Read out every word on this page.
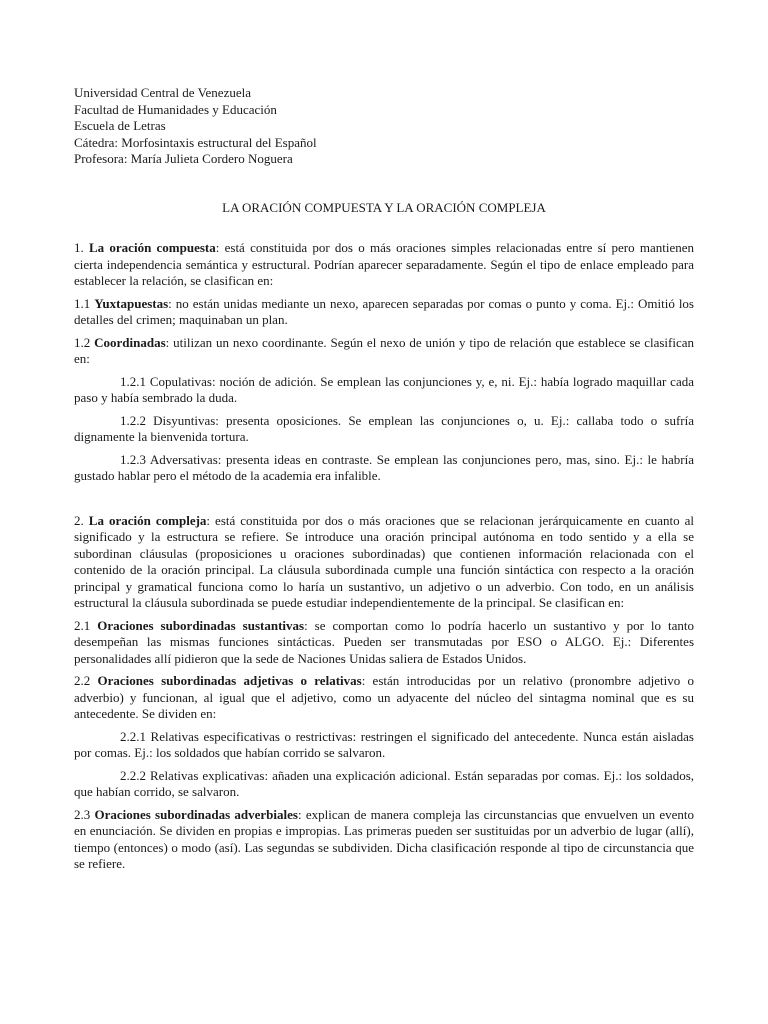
Universidad Central de Venezuela

Facultad de Humanidades y Educación

Escuela de Letras

Cátedra: Morfosintaxis estructural del Español

Profesora: María Julieta Cordero Noguera

LA ORACIÓN COMPUESTA Y LA ORACIÓN COMPLEJA

1. La oración compuesta: está constituida por dos o más oraciones simples relacionadas entre sí pero mantienen cierta independencia semántica y estructural. Podrían aparecer separadamente. Según el tipo de enlace empleado para establecer la relación, se clasifican en:

1.1 Yuxtapuestas: no están unidas mediante un nexo, aparecen separadas por comas o punto y coma. Ej.: Omitió los detalles del crimen; maquinaban un plan.

1.2 Coordinadas: utilizan un nexo coordinante. Según el nexo de unión y tipo de relación que establece se clasifican en:

1.2.1 Copulativas: noción de adición. Se emplean las conjunciones y, e, ni. Ej.: había logrado maquillar cada paso y había sembrado la duda.

1.2.2 Disyuntivas: presenta oposiciones. Se emplean las conjunciones o, u. Ej.: callaba todo o sufría dignamente la bienvenida tortura.

1.2.3 Adversativas: presenta ideas en contraste. Se emplean las conjunciones pero, mas, sino. Ej.: le habría gustado hablar pero el método de la academia era infalible.

2. La oración compleja: está constituida por dos o más oraciones que se relacionan jerárquicamente en cuanto al significado y la estructura se refiere. Se introduce una oración principal autónoma en todo sentido y a ella se subordinan cláusulas (proposiciones u oraciones subordinadas) que contienen información relacionada con el contenido de la oración principal. La cláusula subordinada cumple una función sintáctica con respecto a la oración principal y gramatical funciona como lo haría un sustantivo, un adjetivo o un adverbio. Con todo, en un análisis estructural la cláusula subordinada se puede estudiar independientemente de la principal. Se clasifican en:

2.1 Oraciones subordinadas sustantivas: se comportan como lo podría hacerlo un sustantivo y por lo tanto desempeñan las mismas funciones sintácticas. Pueden ser transmutadas por ESO o ALGO. Ej.: Diferentes personalidades allí pidieron que la sede de Naciones Unidas saliera de Estados Unidos.

2.2 Oraciones subordinadas adjetivas o relativas: están introducidas por un relativo (pronombre adjetivo o adverbio) y funcionan, al igual que el adjetivo, como un adyacente del núcleo del sintagma nominal que es su antecedente. Se dividen en:

2.2.1 Relativas especificativas o restrictivas: restringen el significado del antecedente. Nunca están aisladas por comas. Ej.: los soldados que habían corrido se salvaron.

2.2.2 Relativas explicativas: añaden una explicación adicional. Están separadas por comas. Ej.: los soldados, que habían corrido, se salvaron.

2.3 Oraciones subordinadas adverbiales: explican de manera compleja las circunstancias que envuelven un evento en enunciación. Se dividen en propias e impropias. Las primeras pueden ser sustituidas por un adverbio de lugar (allí), tiempo (entonces) o modo (así). Las segundas se subdividen. Dicha clasificación responde al tipo de circunstancia que se refiere.
